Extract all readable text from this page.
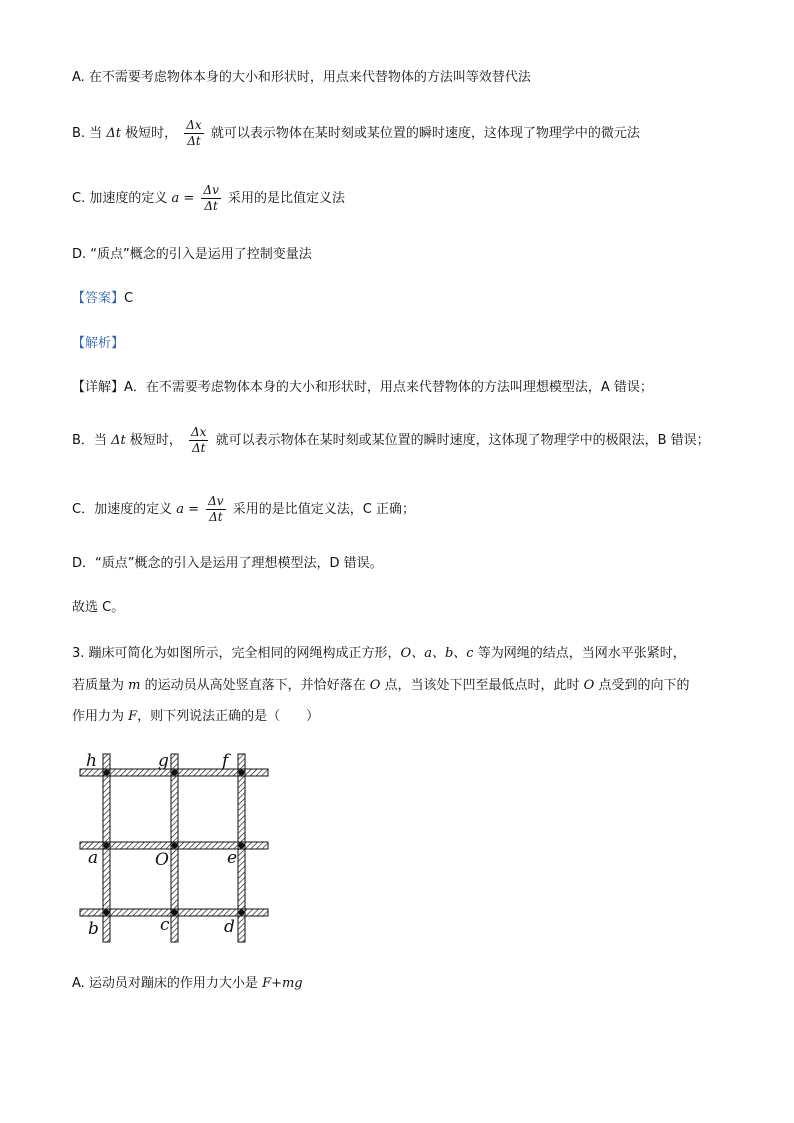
A. 在不需要考虑物体本身的大小和形状时，用点来代替物体的方法叫等效替代法
B. 当 Δt 极短时， $\frac{\Delta x}{\Delta t}$ 就可以表示物体在某时刻或某位置的瞬时速度，这体现了物理学中的微元法
C. 加速度的定义 $a = \frac{\Delta v}{\Delta t}$ 采用的是比值定义法
D. “质点”概念的引入是运用了控制变量法
【答案】C
【解析】
【详解】A．在不需要考虑物体本身的大小和形状时，用点来代替物体的方法叫理想模型法，A 错误；
B．当 Δt 极短时， $\frac{\Delta x}{\Delta t}$ 就可以表示物体在某时刻或某位置的瞬时速度，这体现了物理学中的极限法，B 错误；
C．加速度的定义 $a = \frac{\Delta v}{\Delta t}$ 采用的是比值定义法，C 正确；
D．“质点”概念的引入是运用了理想模型法，D 错误。
故选 C。
3. 蹦床可简化为如图所示，完全相同的网绳构成正方形，O、a、b、c 等为网绳的结点，当网水平张紧时，
若质量为 m 的运动员从高处竖直落下，并恰好落在 O 点，当该处下凹至最低点时，此时 O 点受到的向下的
作用力为 F，则下列说法正确的是（　　）
h	g	f
a	O	e
b	c	d
A. 运动员对蹦床的作用力大小是 F+mg
